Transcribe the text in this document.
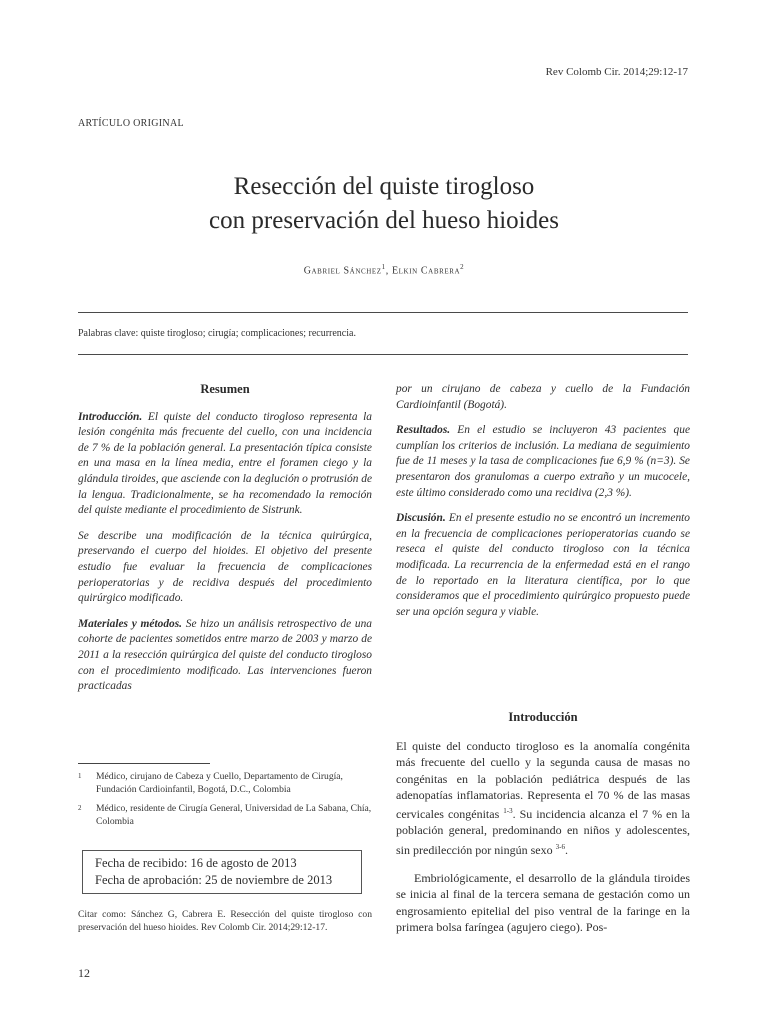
Rev Colomb Cir. 2014;29:12-17
ARTÍCULO ORIGINAL
Resección del quiste tirogloso
con preservación del hueso hioides
Gabriel Sánchez$^1$, Elkin Cabrera$^2$
Palabras clave: quiste tirogloso; cirugía; complicaciones; recurrencia.
Resumen

Introducción. El quiste del conducto tirogloso representa la lesión congénita más frecuente del cuello, con una incidencia de 7 % de la población general. La presentación típica consiste en una masa en la línea media, entre el foramen ciego y la glándula tiroides, que asciende con la deglución o protrusión de la lengua. Tradicionalmente, se ha recomendado la remoción del quiste mediante el procedimiento de Sistrunk.

Se describe una modificación de la técnica quirúrgica, preservando el cuerpo del hioides. El objetivo del presente estudio fue evaluar la frecuencia de complicaciones perioperatorias y de recidiva después del procedimiento quirúrgico modificado.

Materiales y métodos. Se hizo un análisis retrospectivo de una cohorte de pacientes sometidos entre marzo de 2003 y marzo de 2011 a la resección quirúrgica del quiste del conducto tirogloso con el procedimiento modificado. Las intervenciones fueron practicadas

por un cirujano de cabeza y cuello de la Fundación Cardioinfantil (Bogotá).

Resultados. En el estudio se incluyeron 43 pacientes que cumplían los criterios de inclusión. La mediana de seguimiento fue de 11 meses y la tasa de complicaciones fue 6,9 % (n=3). Se presentaron dos granulomas a cuerpo extraño y un mucocele, este último considerado como una recidiva (2,3 %).

Discusión. En el presente estudio no se encontró un incremento en la frecuencia de complicaciones perioperatorias cuando se reseca el quiste del conducto tirogloso con la técnica modificada. La recurrencia de la enfermedad está en el rango de lo reportado en la literatura científica, por lo que consideramos que el procedimiento quirúrgico propuesto puede ser una opción segura y viable.

Introducción

El quiste del conducto tirogloso es la anomalía congénita más frecuente del cuello y la segunda causa de masas no congénitas en la población pediátrica después de las adenopatías inflamatorias. Representa el 70 % de las masas cervicales congénitas $^{1-3}$. Su incidencia alcanza el 7 % en la población general, predominando en niños y adolescentes, sin predilección por ningún sexo $^{3-6}$.

Embriológicamente, el desarrollo de la glándula tiroides se inicia al final de la tercera semana de gestación como un engrosamiento epitelial del piso ventral de la faringe en la primera bolsa faríngea (agujero ciego). Pos-

1	Médico, cirujano de Cabeza y Cuello, Departamento de Cirugía, Fundación Cardioinfantil, Bogotá, D.C., Colombia
2	Médico, residente de Cirugía General, Universidad de La Sabana, Chía, Colombia
Fecha de recibido: 16 de agosto de 2013
Fecha de aprobación: 25 de noviembre de 2013
Citar como: Sánchez G, Cabrera E. Resección del quiste tirogloso con preservación del hueso hioides. Rev Colomb Cir. 2014;29:12-17.
12
